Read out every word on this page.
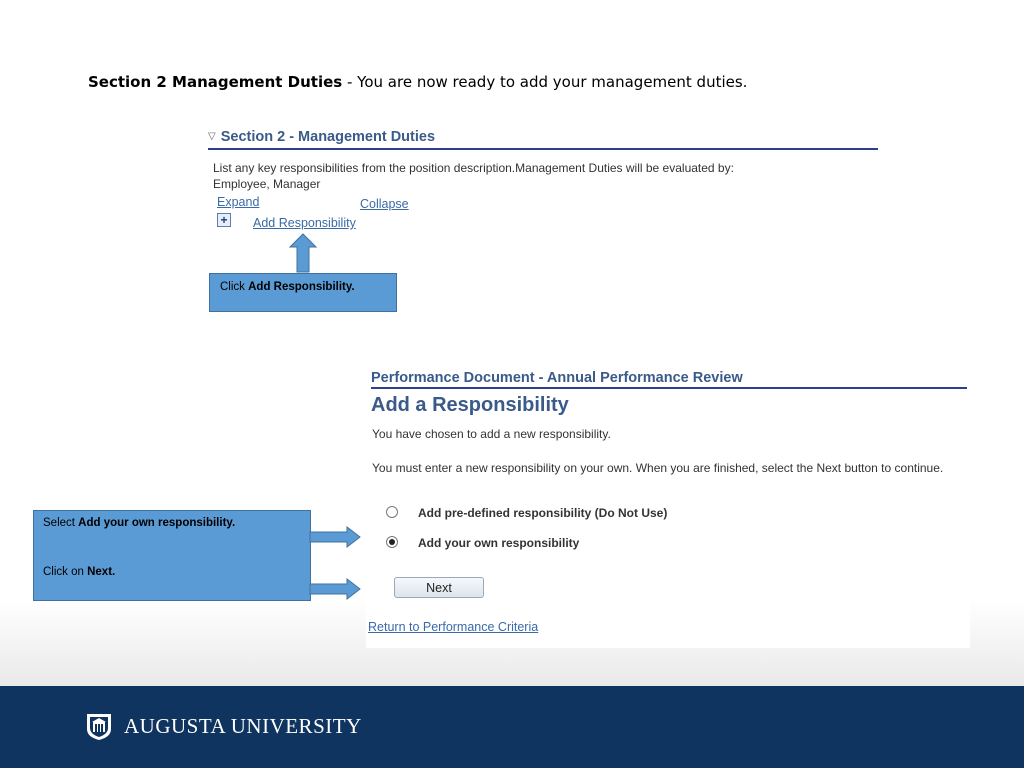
Section 2 Management Duties - You are now ready to add your management duties.
▽ Section 2 - Management Duties
List any key responsibilities from the position description.Management Duties will be evaluated by: Employee, Manager
Expand	Collapse
+ Add Responsibility
Click Add Responsibility.
Performance Document - Annual Performance Review
Add a Responsibility
You have chosen to add a new responsibility.
You must enter a new responsibility on your own. When you are finished, select the Next button to continue.
Add pre-defined responsibility (Do Not Use)
Add your own responsibility
Next
Return to Performance Criteria
Select Add your own responsibility.
Click on Next.
AUGUSTA UNIVERSITY
